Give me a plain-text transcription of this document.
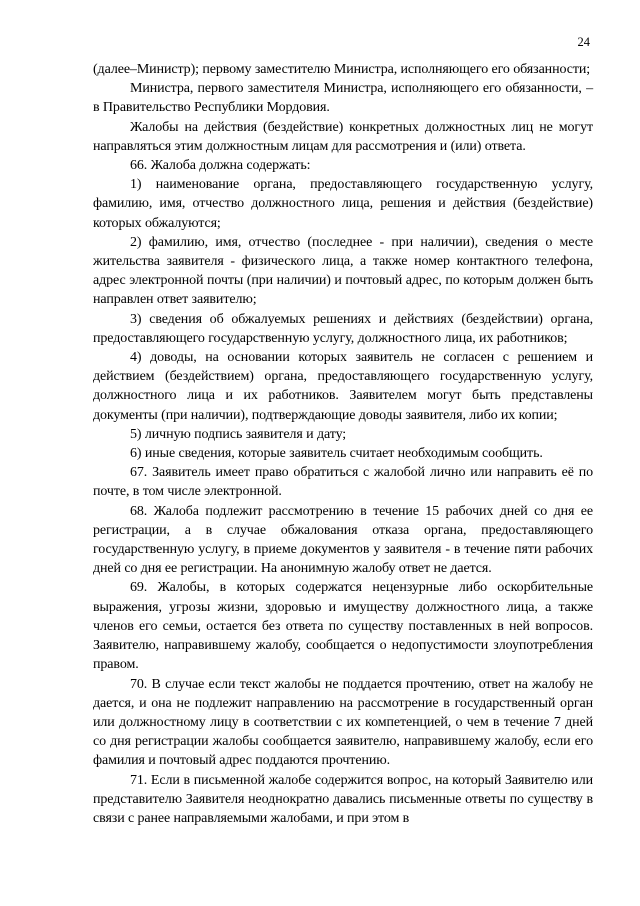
24

(далее–Министр); первому заместителю Министра, исполняющего его обязанности;

Министра, первого заместителя Министра, исполняющего его обязанности, – в Правительство Республики Мордовия.

Жалобы на действия (бездействие) конкретных должностных лиц не могут направляться этим должностным лицам для рассмотрения и (или) ответа.

66. Жалоба должна содержать:

1) наименование органа, предоставляющего государственную услугу, фамилию, имя, отчество должностного лица, решения и действия (бездействие) которых обжалуются;

2) фамилию, имя, отчество (последнее - при наличии), сведения о месте жительства заявителя - физического лица, а также номер контактного телефона, адрес электронной почты (при наличии) и почтовый адрес, по которым должен быть направлен ответ заявителю;

3) сведения об обжалуемых решениях и действиях (бездействии) органа, предоставляющего государственную услугу, должностного лица, их работников;

4) доводы, на основании которых заявитель не согласен с решением и действием (бездействием) органа, предоставляющего государственную услугу, должностного лица и их работников. Заявителем могут быть представлены документы (при наличии), подтверждающие доводы заявителя, либо их копии;

5) личную подпись заявителя и дату;

6) иные сведения, которые заявитель считает необходимым сообщить.

67. Заявитель имеет право обратиться с жалобой лично или направить её по почте, в том числе электронной.

68. Жалоба подлежит рассмотрению в течение 15 рабочих дней со дня ее регистрации, а в случае обжалования отказа органа, предоставляющего государственную услугу, в приеме документов у заявителя - в течение пяти рабочих дней со дня ее регистрации. На анонимную жалобу ответ не дается.

69. Жалобы, в которых содержатся нецензурные либо оскорбительные выражения, угрозы жизни, здоровью и имуществу должностного лица, а также членов его семьи, остается без ответа по существу поставленных в ней вопросов. Заявителю, направившему жалобу, сообщается о недопустимости злоупотребления правом.

70. В случае если текст жалобы не поддается прочтению, ответ на жалобу не дается, и она не подлежит направлению на рассмотрение в государственный орган или должностному лицу в соответствии с их компетенцией, о чем в течение 7 дней со дня регистрации жалобы сообщается заявителю, направившему жалобу, если его фамилия и почтовый адрес поддаются прочтению.

71. Если в письменной жалобе содержится вопрос, на который Заявителю или представителю Заявителя неоднократно давались письменные ответы по существу в связи с ранее направляемыми жалобами, и при этом в
